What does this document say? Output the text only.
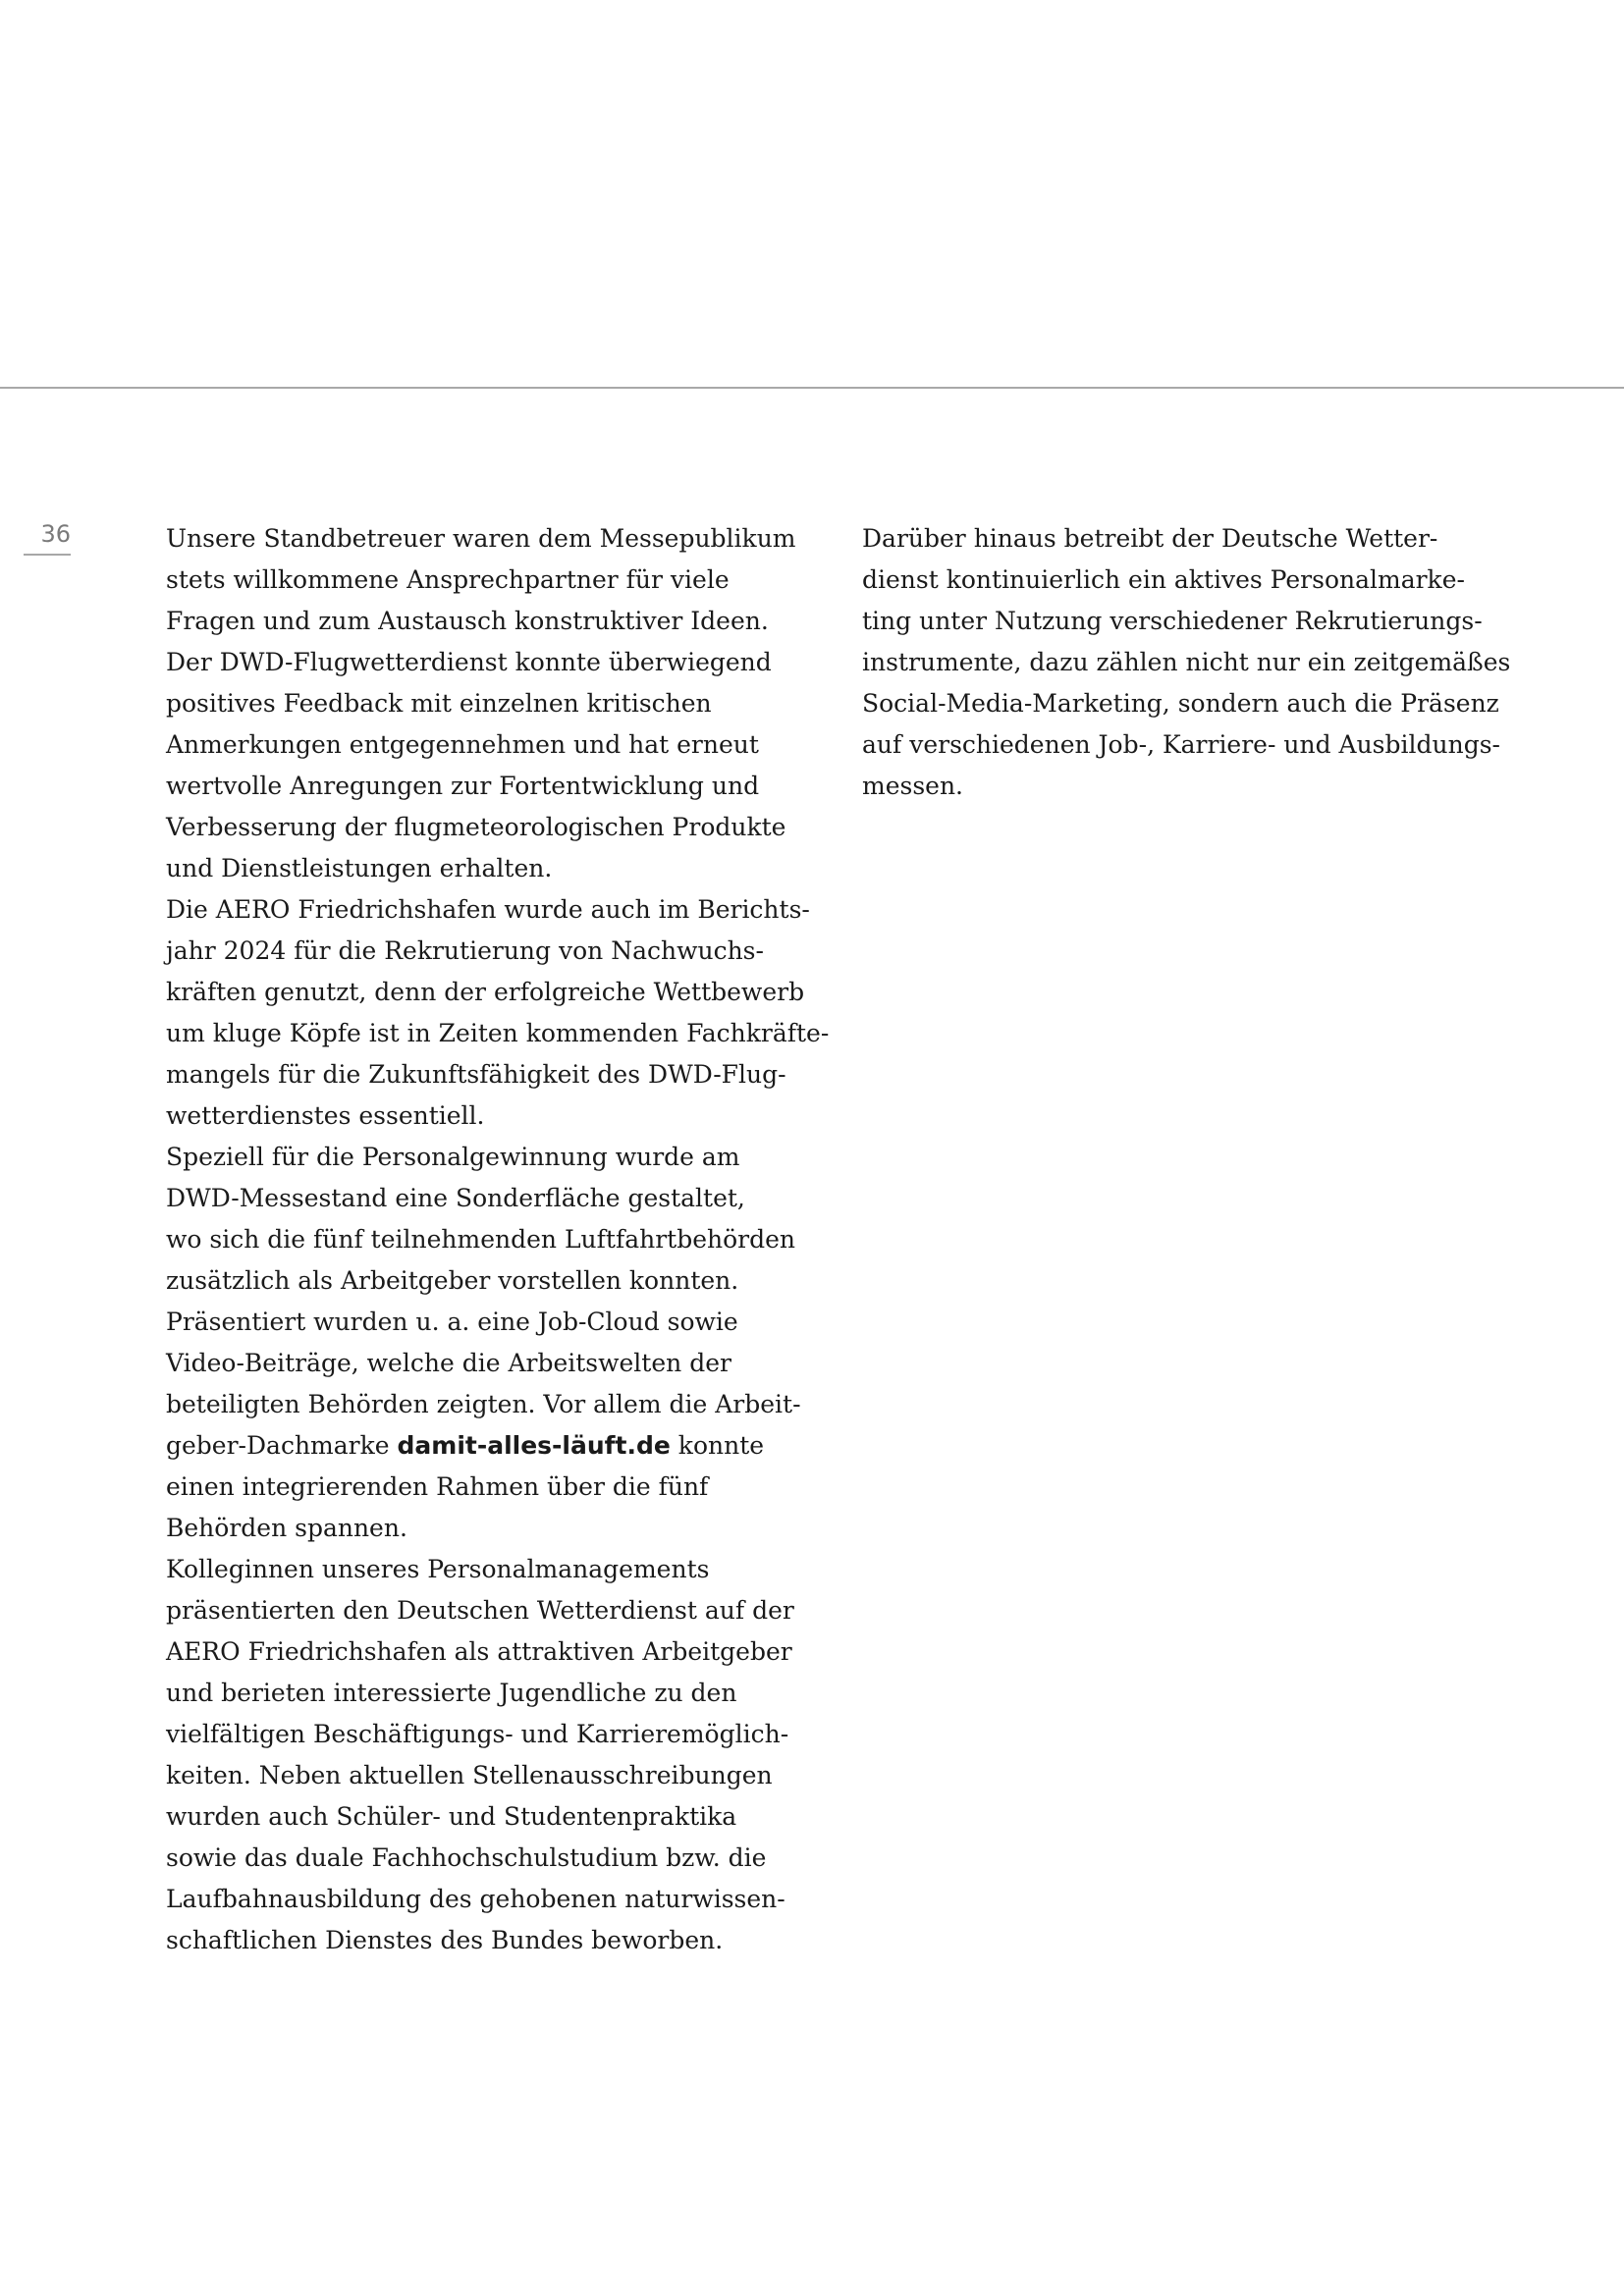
36	Unsere Standbetreuer waren dem Messepublikum
stets willkommene Ansprechpartner für viele
Fragen und zum Austausch konstruktiver Ideen.
Der DWD-Flugwetterdienst konnte überwiegend
positives Feedback mit einzelnen kritischen
Anmerkungen entgegennehmen und hat erneut
wertvolle Anregungen zur Fortentwicklung und
Verbesserung der flugmeteorologischen Produkte
und Dienstleistungen erhalten.

Die AERO Friedrichshafen wurde auch im Berichts-
jahr 2024 für die Rekrutierung von Nachwuchs-
kräften genutzt, denn der erfolgreiche Wettbewerb
um kluge Köpfe ist in Zeiten kommenden Fachkräfte-
mangels für die Zukunftsfähigkeit des DWD-Flug-
wetterdienstes essentiell.

Speziell für die Personalgewinnung wurde am
DWD-Messestand eine Sonderfläche gestaltet,
wo sich die fünf teilnehmenden Luftfahrtbehörden
zusätzlich als Arbeitgeber vorstellen konnten.
Präsentiert wurden u. a. eine Job-Cloud sowie
Video-Beiträge, welche die Arbeitswelten der
beteiligten Behörden zeigten. Vor allem die Arbeit-
geber-Dachmarke damit-alles-läuft.de konnte
einen integrierenden Rahmen über die fünf
Behörden spannen.

Kolleginnen unseres Personalmanagements
präsentierten den Deutschen Wetterdienst auf der
AERO Friedrichshafen als attraktiven Arbeitgeber
und berieten interessierte Jugendliche zu den
vielfältigen Beschäftigungs- und Karrieremöglich-
keiten. Neben aktuellen Stellenausschreibungen
wurden auch Schüler- und Studentenpraktika
sowie das duale Fachhochschulstudium bzw. die
Laufbahnausbildung des gehobenen naturwissen-
schaftlichen Dienstes des Bundes beworben.

Darüber hinaus betreibt der Deutsche Wetter-
dienst kontinuierlich ein aktives Personalmarke-
ting unter Nutzung verschiedener Rekrutierungs-
instrumente, dazu zählen nicht nur ein zeitgemäßes
Social-Media-Marketing, sondern auch die Präsenz
auf verschiedenen Job-, Karriere- und Ausbildungs-
messen.
